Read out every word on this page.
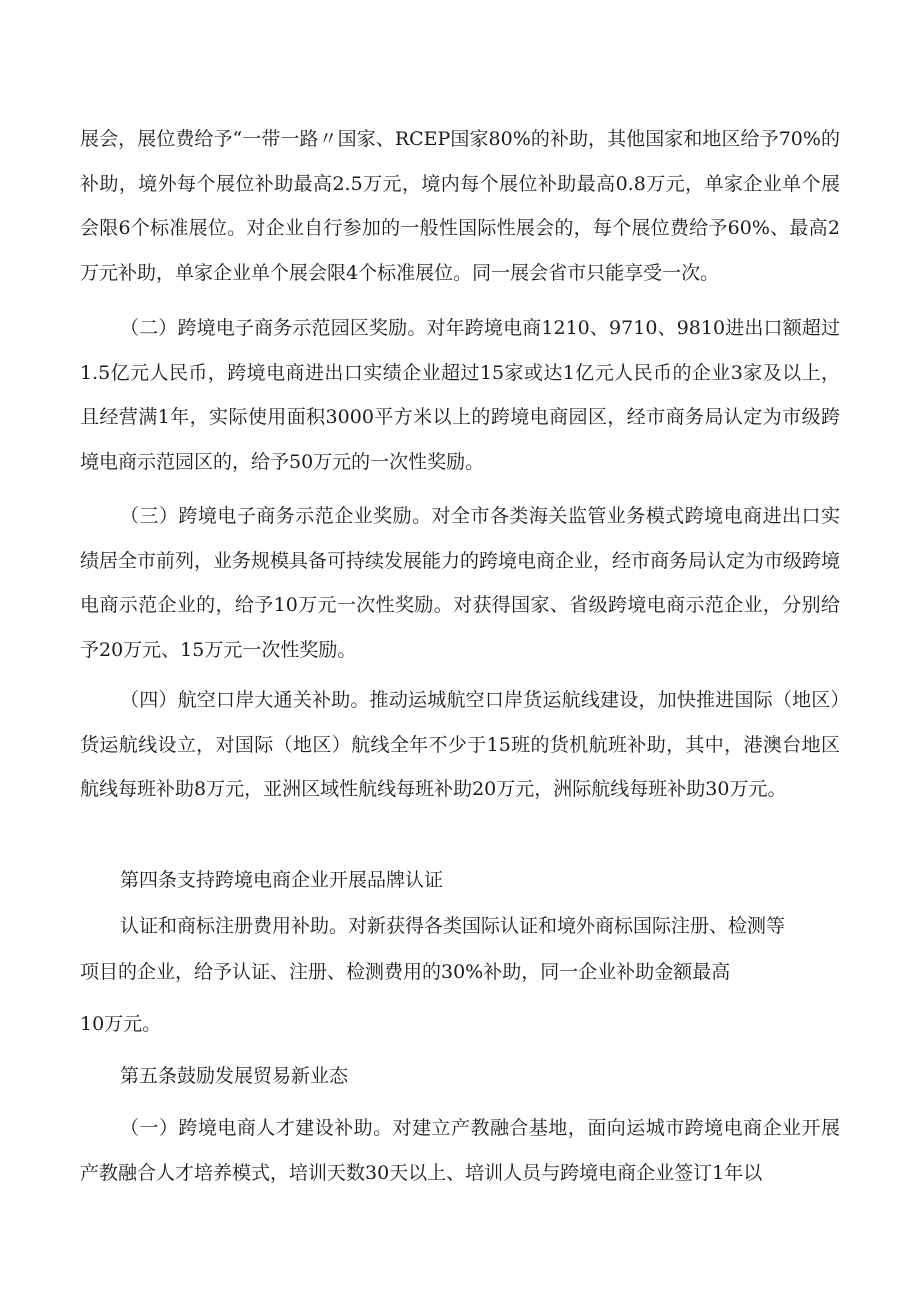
展会，展位费给予“一带一路〃国家、RCEP国家80%的补助，其他国家和地区给予70%的补助，境外每个展位补助最高2.5万元，境内每个展位补助最高0.8万元，单家企业单个展会限6个标准展位。对企业自行参加的一般性国际性展会的，每个展位费给予60%、最高2万元补助，单家企业单个展会限4个标准展位。同一展会省市只能享受一次。

（二）跨境电子商务示范园区奖励。对年跨境电商1210、9710、9810进出口额超过1.5亿元人民币，跨境电商进出口实绩企业超过15家或达1亿元人民币的企业3家及以上，且经营满1年，实际使用面积3000平方米以上的跨境电商园区，经市商务局认定为市级跨境电商示范园区的，给予50万元的一次性奖励。

（三）跨境电子商务示范企业奖励。对全市各类海关监管业务模式跨境电商进出口实绩居全市前列，业务规模具备可持续发展能力的跨境电商企业，经市商务局认定为市级跨境电商示范企业的，给予10万元一次性奖励。对获得国家、省级跨境电商示范企业，分别给予20万元、15万元一次性奖励。

（四）航空口岸大通关补助。推动运城航空口岸货运航线建设，加快推进国际（地区）货运航线设立，对国际（地区）航线全年不少于15班的货机航班补助，其中，港澳台地区航线每班补助8万元，亚洲区域性航线每班补助20万元，洲际航线每班补助30万元。

第四条支持跨境电商企业开展品牌认证

认证和商标注册费用补助。对新获得各类国际认证和境外商标国际注册、检测等

项目的企业，给予认证、注册、检测费用的30%补助，同一企业补助金额最高

10万元。

第五条鼓励发展贸易新业态

（一）跨境电商人才建设补助。对建立产教融合基地，面向运城市跨境电商企业开展产教融合人才培养模式，培训天数30天以上、培训人员与跨境电商企业签订1年以
